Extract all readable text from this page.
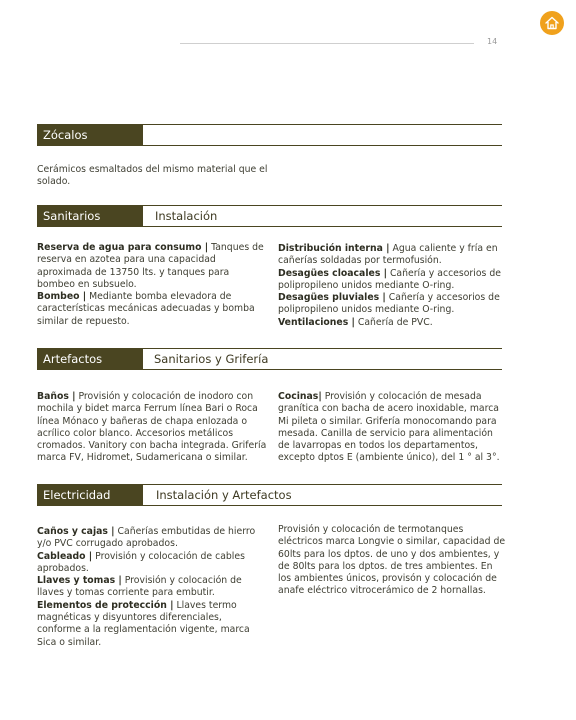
14
Zócalos

Cerámicos esmaltados del mismo material que el solado.

Sanitarios	Instalación

Reserva de agua para consumo | Tanques de reserva en azotea para una capacidad aproximada de 13750 lts. y tanques para bombeo en subsuelo.

Bombeo | Mediante bomba elevadora de características mecánicas adecuadas y bomba similar de repuesto.

Distribución interna | Agua caliente y fría en cañerías soldadas por termofusión.

Desagües cloacales | Cañería y accesorios de polipropileno unidos mediante O-ring.

Desagües pluviales | Cañería y accesorios de polipropileno unidos mediante O-ring.

Ventilaciones | Cañería de PVC.

Artefactos	Sanitarios y Grifería

Baños | Provisión y colocación de inodoro con mochila y bidet marca Ferrum línea Bari o Roca línea Mónaco y bañeras de chapa enlozada o acrílico color blanco. Accesorios metálicos cromados. Vanitory con bacha integrada. Grifería marca FV, Hidromet, Sudamericana o similar.

Cocinas| Provisión y colocación de mesada granítica con bacha de acero inoxidable, marca Mi pileta o similar. Grifería monocomando para mesada. Canilla de servicio para alimentación de lavarropas en todos los departamentos, excepto dptos E (ambiente único), del 1 ° al 3°.

Electricidad	Instalación y Artefactos

Caños y cajas | Cañerías embutidas de hierro y/o PVC corrugado aprobados.

Cableado | Provisión y colocación de cables aprobados.

Llaves y tomas | Provisión y colocación de llaves y tomas corriente para embutir.

Elementos de protección | Llaves termo magnéticas y disyuntores diferenciales, conforme a la reglamentación vigente, marca Sica o similar.

Provisión y colocación de termotanques eléctricos marca Longvie o similar, capacidad de 60lts para los dptos. de uno y dos ambientes, y de 80lts para los dptos. de tres ambientes. En los ambientes únicos, provisón y colocación de anafe eléctrico vitrocerámico de 2 hornallas.
